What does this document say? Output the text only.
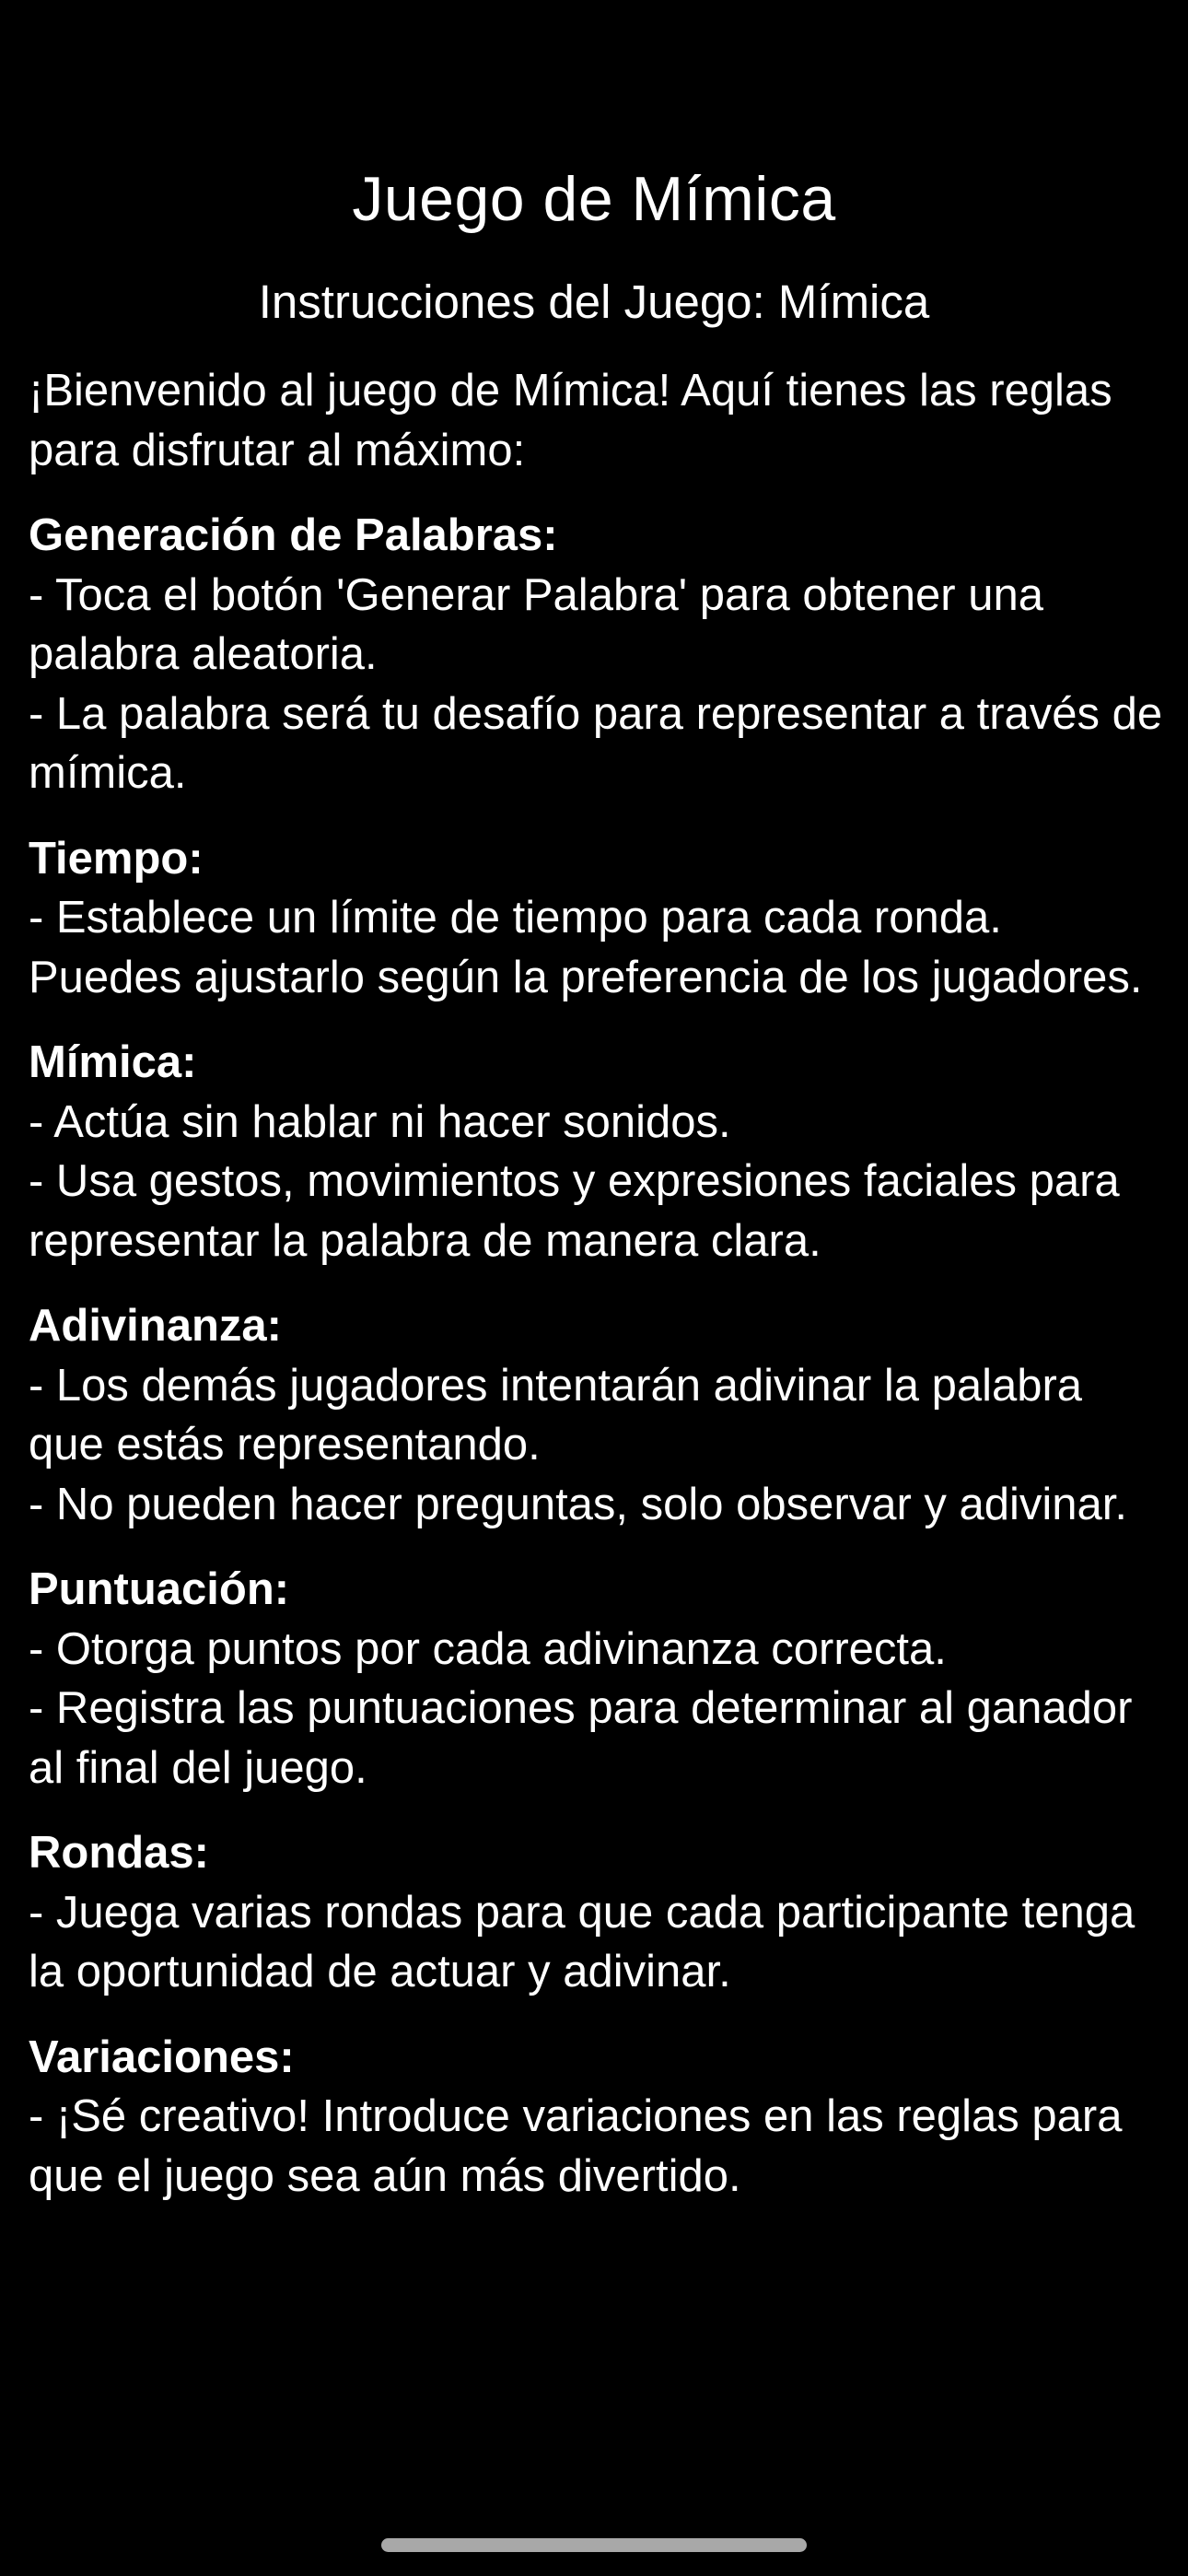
Juego de Mímica
Instrucciones del Juego: Mímica
¡Bienvenido al juego de Mímica! Aquí tienes las reglas para disfrutar al máximo:
Generación de Palabras:
- Toca el botón 'Generar Palabra' para obtener una palabra aleatoria.
- La palabra será tu desafío para representar a través de mímica.
Tiempo:
- Establece un límite de tiempo para cada ronda. Puedes ajustarlo según la preferencia de los jugadores.
Mímica:
- Actúa sin hablar ni hacer sonidos.
- Usa gestos, movimientos y expresiones faciales para representar la palabra de manera clara.
Adivinanza:
- Los demás jugadores intentarán adivinar la palabra que estás representando.
- No pueden hacer preguntas, solo observar y adivinar.
Puntuación:
- Otorga puntos por cada adivinanza correcta.
- Registra las puntuaciones para determinar al ganador al final del juego.
Rondas:
- Juega varias rondas para que cada participante tenga la oportunidad de actuar y adivinar.
Variaciones:
- ¡Sé creativo! Introduce variaciones en las reglas para que el juego sea aún más divertido.
